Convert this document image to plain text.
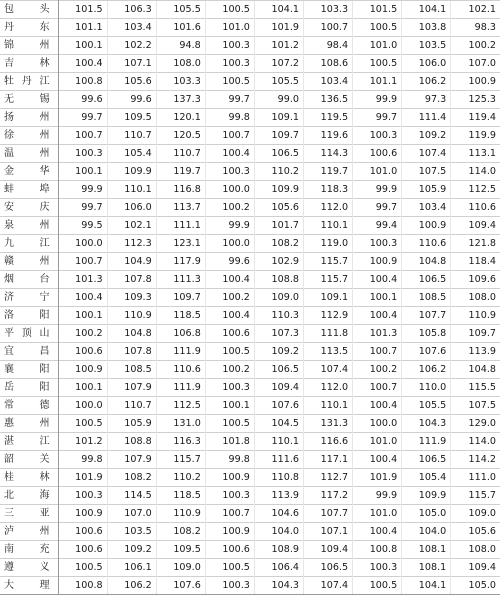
包　头	101.5	106.3	105.5	100.5	104.1	103.3	101.5	104.1	102.1
丹　东	101.1	103.4	101.6	101.0	101.9	100.7	100.5	103.8	98.3
锦　州	100.1	102.2	94.8	100.3	101.2	98.4	101.0	103.5	100.2
吉　林	100.4	107.1	108.0	100.3	107.2	108.6	100.5	106.0	107.0
牡丹江	100.8	105.6	103.3	100.5	105.5	103.4	101.1	106.2	100.9
无　锡	99.6	99.6	137.3	99.7	99.0	136.5	99.9	97.3	125.3
扬　州	99.7	109.5	120.1	99.8	109.1	119.5	99.7	111.4	119.4
徐　州	100.7	110.7	120.5	100.7	109.7	119.6	100.3	109.2	119.9
温　州	100.3	105.4	110.7	100.4	106.5	114.3	100.6	107.4	113.1
金　华	100.1	109.9	119.7	100.3	110.2	119.7	101.0	107.5	114.0
蚌　埠	99.9	110.1	116.8	100.0	109.9	118.3	99.9	105.9	112.5
安　庆	99.7	106.0	113.7	100.2	105.6	112.0	99.7	103.4	110.6
泉　州	99.5	102.1	111.1	99.9	101.7	110.1	99.4	100.9	109.4
九　江	100.0	112.3	123.1	100.0	108.2	119.0	100.3	110.6	121.8
赣　州	100.7	104.9	117.9	99.6	102.9	115.7	100.9	104.8	118.4
烟　台	101.3	107.8	111.3	100.4	108.8	115.7	100.4	106.5	109.6
济　宁	100.4	109.3	109.7	100.2	109.0	109.1	100.1	108.5	108.0
洛　阳	100.1	110.9	118.5	100.4	110.3	112.9	100.4	107.7	110.9
平顶山	100.2	104.8	106.8	100.6	107.3	111.8	101.3	105.8	109.7
宜　昌	100.6	107.8	111.9	100.5	109.2	113.5	100.7	107.6	113.9
襄　阳	100.9	108.5	110.6	100.2	106.5	107.4	100.2	106.2	104.8
岳　阳	100.1	107.9	111.9	100.3	109.4	112.0	100.7	110.0	115.5
常　德	100.0	110.7	112.5	100.1	107.6	110.1	100.4	105.5	107.5
惠　州	100.5	105.9	131.0	100.5	104.5	131.3	100.0	104.3	129.0
湛　江	101.2	108.8	116.3	101.8	110.1	116.6	101.0	111.9	114.0
韶　关	99.8	107.9	115.7	99.8	111.6	117.1	100.4	106.5	114.2
桂　林	101.9	108.2	110.2	100.9	110.8	112.7	101.9	105.4	111.0
北　海	100.3	114.5	118.5	100.3	113.9	117.2	99.9	109.9	115.7
三　亚	100.9	107.0	110.9	100.7	104.6	107.7	101.0	105.0	109.0
泸　州	100.6	103.5	108.2	100.9	104.0	107.1	100.4	104.0	105.6
南　充	100.6	109.2	109.5	100.6	108.9	109.4	100.8	108.1	108.0
遵　义	100.5	106.1	109.0	100.5	106.4	106.5	100.3	108.1	109.4
大　理	100.8	106.2	107.6	100.3	104.3	107.4	100.5	104.1	105.0
